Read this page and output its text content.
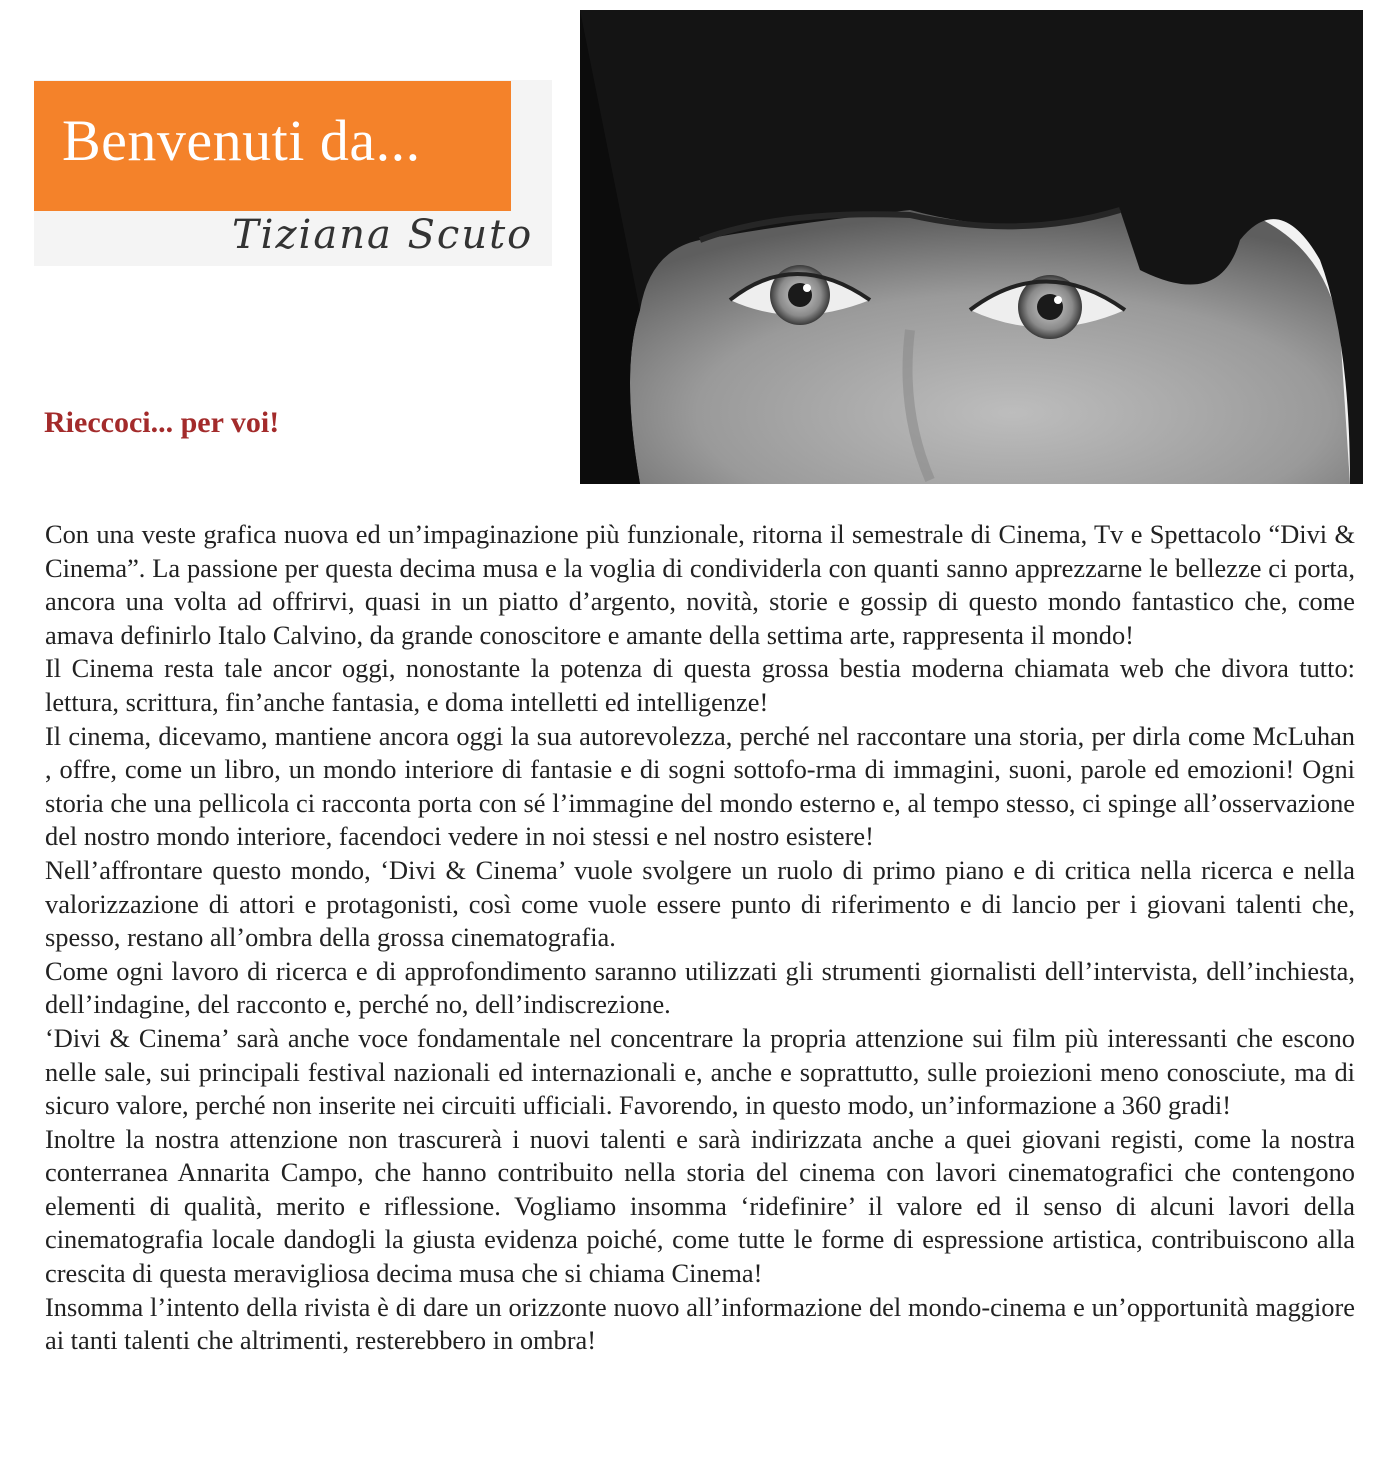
Benvenuti da...
Tiziana Scuto
Rieccoci... per voi!

Con una veste grafica nuova ed un’impaginazione più funzionale, ritorna il semestrale di Cinema, Tv e Spettacolo “Divi & Cinema”. La passione per questa decima musa e la voglia di condividerla con quanti sanno apprezzarne le bellezze ci porta, ancora una volta ad offrirvi, quasi in un piatto d’argento, novità, storie e gossip di questo mondo fantastico che, come amava definirlo Italo Calvino, da grande conoscitore e amante della settima arte, rappresenta il mondo!

Il Cinema resta tale ancor oggi, nonostante la potenza di questa grossa bestia moderna chiamata web che divora tutto: lettura, scrittura, fin’anche fantasia, e doma intelletti ed intelligenze!

Il cinema, dicevamo, mantiene ancora oggi la sua autorevolezza, perché nel raccontare una storia, per dirla come McLuhan , offre, come un libro, un mondo interiore di fantasie e di sogni sottofo-rma di immagini, suoni, parole ed emozioni! Ogni storia che una pellicola ci racconta porta con sé l’immagine del mondo esterno e, al tempo stesso, ci spinge all’osservazione del nostro mondo interiore, facendoci vedere in noi stessi e nel nostro esistere!

Nell’affrontare questo mondo, ‘Divi & Cinema’ vuole svolgere un ruolo di primo piano e di critica nella ricerca e nella valorizzazione di attori e protagonisti, così come vuole essere punto di riferimento e di lancio per i giovani talenti che, spesso, restano all’ombra della grossa cinematografia.

Come ogni lavoro di ricerca e di approfondimento saranno utilizzati gli strumenti giornalisti dell’intervista, dell’inchiesta, dell’indagine, del racconto e, perché no, dell’indiscrezione.

‘Divi & Cinema’ sarà anche voce fondamentale nel concentrare la propria attenzione sui film più interessanti che escono nelle sale, sui principali festival nazionali ed internazionali e, anche e soprattutto, sulle proiezioni meno conosciute, ma di sicuro valore, perché non inserite nei circuiti ufficiali. Favorendo, in questo modo, un’informazione a 360 gradi!

Inoltre la nostra attenzione non trascurerà i nuovi talenti e sarà indirizzata anche a quei giovani registi, come la nostra conterranea Annarita Campo, che hanno contribuito nella storia del cinema con lavori cinematografici che contengono elementi di qualità, merito e riflessione. Vogliamo insomma ‘ridefinire’ il valore ed il senso di alcuni lavori della cinematografia locale dandogli la giusta evidenza poiché, come tutte le forme di espressione artistica, contribuiscono alla crescita di questa meravigliosa decima musa che si chiama Cinema!

Insomma l’intento della rivista è di dare un orizzonte nuovo all’informazione del mondo-cinema e un’opportunità maggiore ai tanti talenti che altrimenti, resterebbero in ombra!
